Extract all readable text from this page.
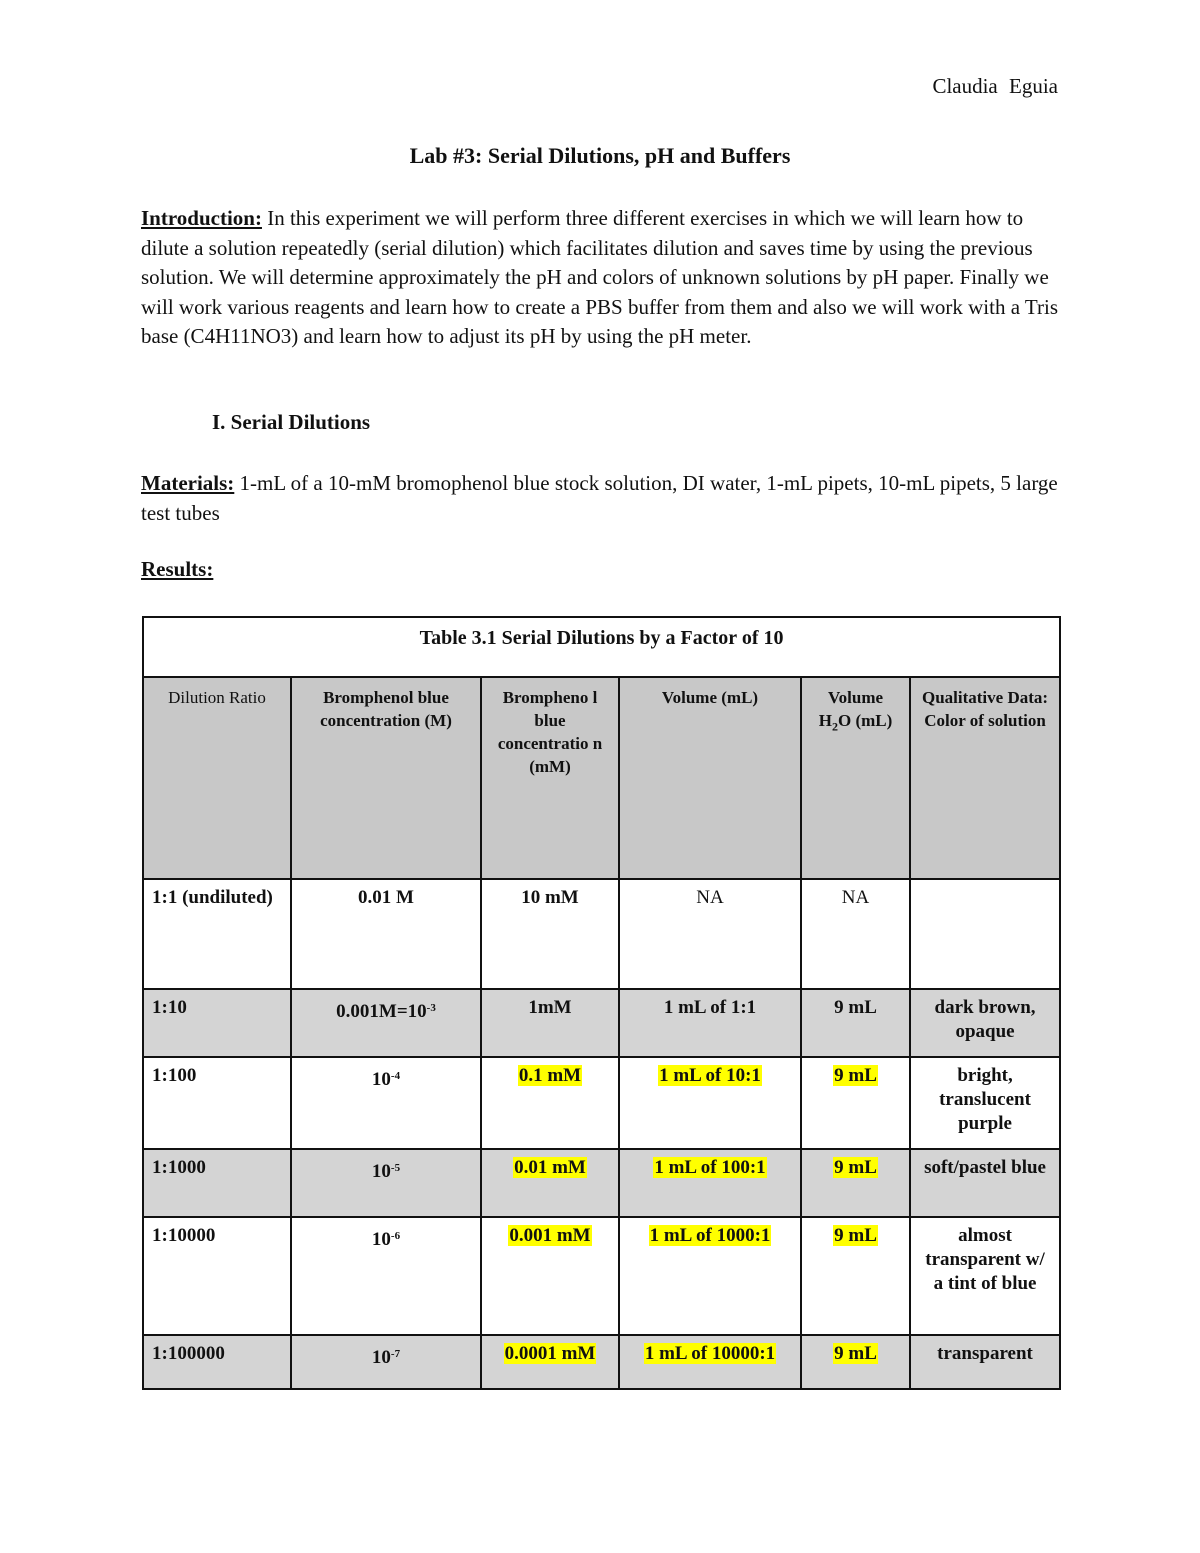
Claudia Eguia
Lab #3: Serial Dilutions, pH and Buffers
Introduction: In this experiment we will perform three different exercises in which we will learn how to dilute a solution repeatedly (serial dilution) which facilitates dilution and saves time by using the previous solution. We will determine approximately the pH and colors of unknown solutions by pH paper. Finally we will work various reagents and learn how to create a PBS buffer from them and also we will work with a Tris base (C4H11NO3) and learn how to adjust its pH by using the pH meter.
I. Serial Dilutions
Materials: 1-mL of a 10-mM bromophenol blue stock solution, DI water, 1-mL pipets, 10-mL pipets, 5 large test tubes
Results:
Table 3.1 Serial Dilutions by a Factor of 10					
Dilution Ratio	Bromphenol blue concentration (M)	Brompheno l blue concentratio n (mM)	Volume (mL)	Volume $H_2O$ (mL)	Qualitative Data: Color of solution
1:1 (undiluted)	0.01 M	10 mM	NA	NA	
1:10	$0.001M=10^{-3}$	1mM	1 mL of 1:1	9 mL	dark brown, opaque
1:100	$10^{-4}$	0.1 mM	1 mL of 10:1	9 mL	bright, translucent purple
1:1000	$10^{-5}$	0.01 mM	1 mL of 100:1	9 mL	soft/pastel blue
1:10000	$10^{-6}$	0.001 mM	1 mL of 1000:1	9 mL	almost transparent w/ a tint of blue
1:100000	$10^{-7}$	0.0001 mM	1 mL of 10000:1	9 mL	transparent
